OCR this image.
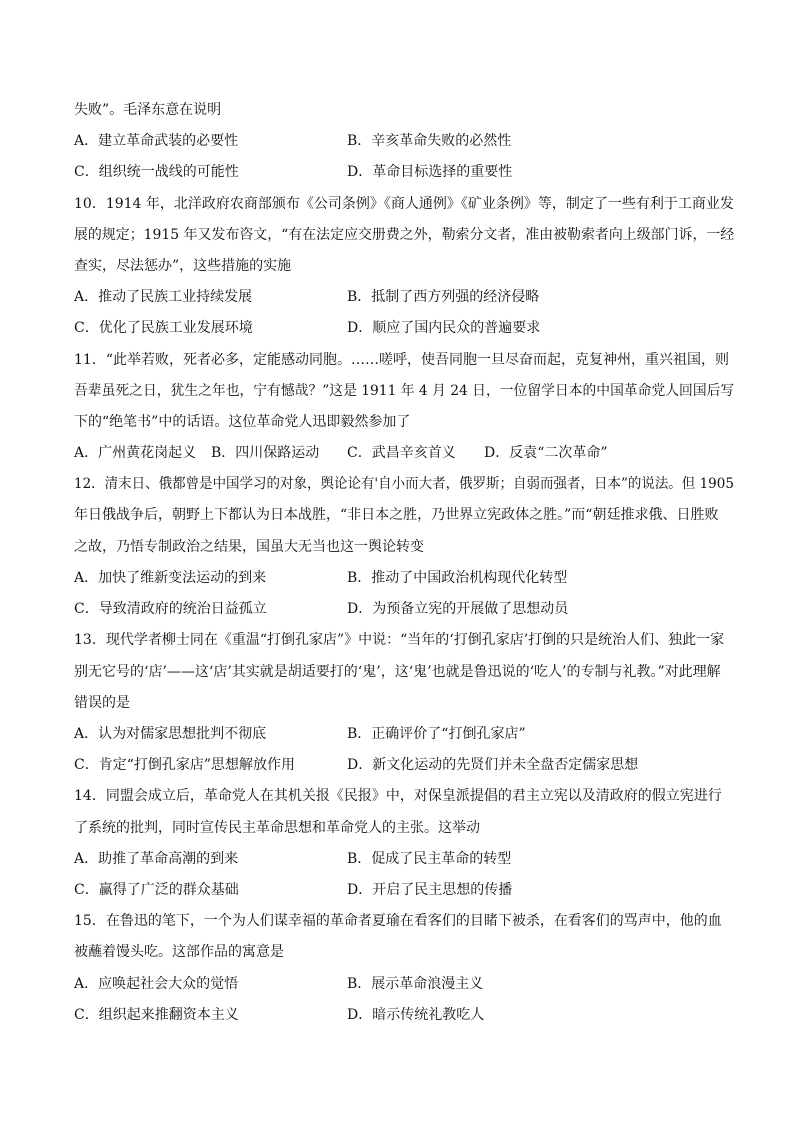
失败”。毛泽东意在说明
A．建立革命武装的必要性	B．辛亥革命失败的必然性
C．组织统一战线的可能性	D．革命目标选择的重要性
10．1914 年，北洋政府农商部颁布《公司条例》《商人通例》《矿业条例》等，制定了一些有利于工商业发
展的规定；1915 年又发布咨文，“有在法定应交册费之外，勒索分文者，准由被勒索者向上级部门诉，一经
查实，尽法惩办”，这些措施的实施
A．推动了民族工业持续发展	B．抵制了西方列强的经济侵略
C．优化了民族工业发展环境	D．顺应了国内民众的普遍要求
11．“此举若败，死者必多，定能感动同胞。……嗟呼，使吾同胞一旦尽奋而起，克复神州，重兴祖国，则
吾辈虽死之日，犹生之年也，宁有憾哉？”这是 1911 年 4 月 24 日，一位留学日本的中国革命党人回国后写
下的“绝笔书”中的话语。这位革命党人迅即毅然参加了
A．广州黄花岗起义 B．四川保路运动 C．武昌辛亥首义 D．反袁“二次革命”
12．清末日、俄都曾是中国学习的对象，舆论论有'自小而大者，俄罗斯；自弱而强者，日本”的说法。但 1905
年日俄战争后，朝野上下都认为日本战胜，“非日本之胜，乃世界立宪政体之胜。”而“朝廷推求俄、日胜败
之故，乃悟专制政治之结果，国虽大无当也这一舆论转变
A．加快了维新变法运动的到来	B．推动了中国政治机构现代化转型
C．导致清政府的统治日益孤立	D．为预备立宪的开展做了思想动员
13．现代学者柳士同在《重温“打倒孔家店”》中说：“当年的‘打倒孔家店’打倒的只是统治人们、独此一家
别无它号的‘店’——这‘店’其实就是胡适要打的‘鬼’，这‘鬼’也就是鲁迅说的‘吃人’的专制与礼教。”对此理解
错误的是
A．认为对儒家思想批判不彻底	B．正确评价了“打倒孔家店”
C．肯定“打倒孔家店”思想解放作用	D．新文化运动的先贤们并未全盘否定儒家思想
14．同盟会成立后，革命党人在其机关报《民报》中，对保皇派提倡的君主立宪以及清政府的假立宪进行
了系统的批判，同时宣传民主革命思想和革命党人的主张。这举动
A．助推了革命高潮的到来	B．促成了民主革命的转型
C．赢得了广泛的群众基础	D．开启了民主思想的传播
15．在鲁迅的笔下，一个为人们谋幸福的革命者夏瑜在看客们的目睹下被杀，在看客们的骂声中，他的血
被蘸着馒头吃。这部作品的寓意是
A．应唤起社会大众的觉悟	B．展示革命浪漫主义
C．组织起来推翻资本主义	D．暗示传统礼教吃人
